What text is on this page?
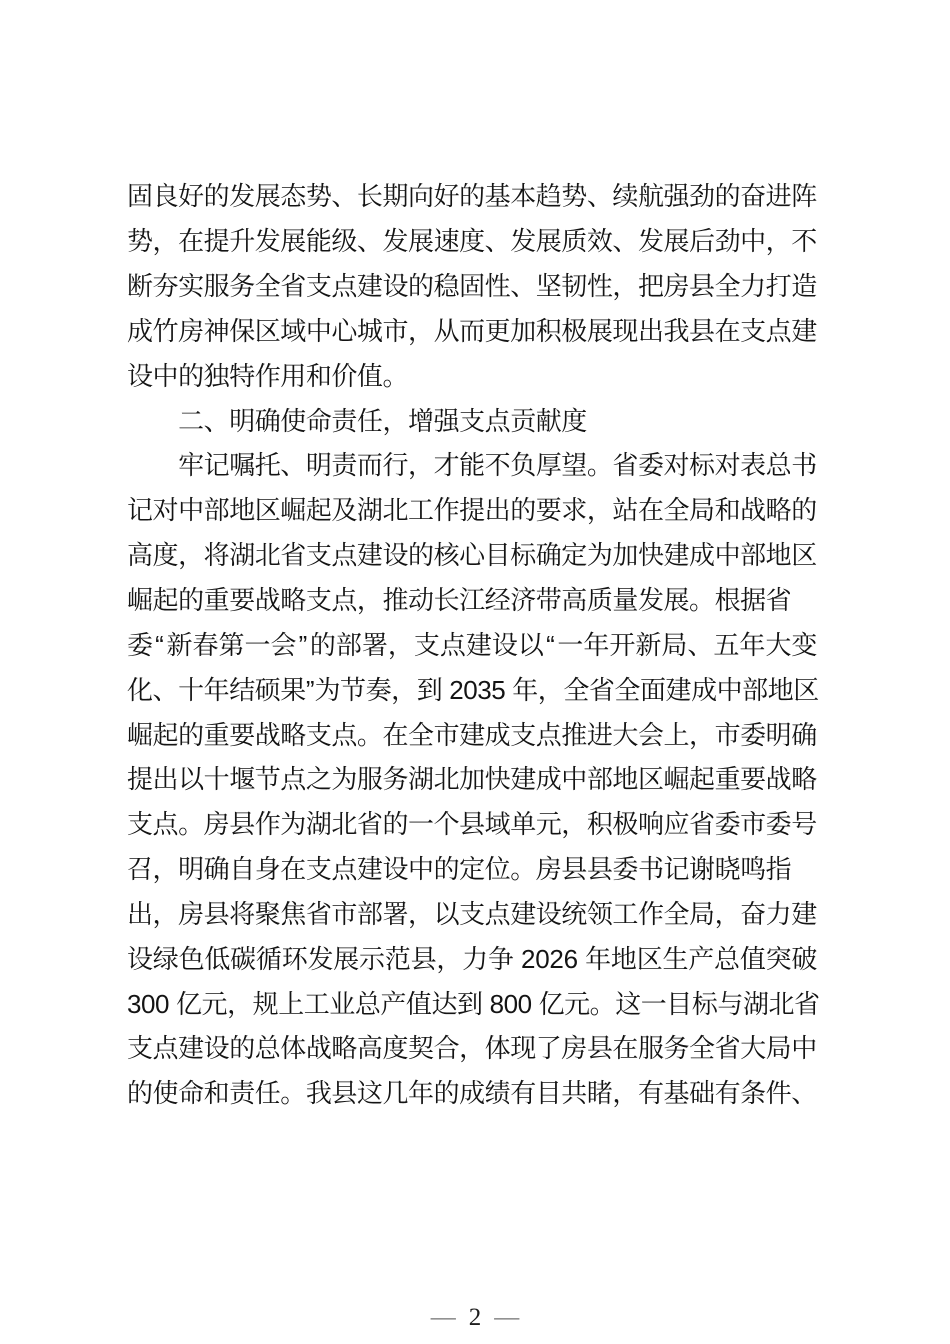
固 良 好 的 发 展 态 势 、 长 期 向 好 的 基 本 趋 势 、 续 航 强 劲 的 奋 进 阵
势 ， 在 提 升 发 展 能 级 、 发 展 速 度 、 发 展 质 效 、 发 展 后 劲 中 ， 不
断 夯 实 服 务 全 省 支 点 建 设 的 稳 固 性 、 坚 韧 性 ， 把 房 县 全 力 打 造
成 竹 房 神 保 区 域 中 心 城 市 ， 从 而 更 加 积 极 展 现 出 我 县 在 支 点 建
设 中 的 独 特 作 用 和 价 值 。
二 、 明 确 使 命 责 任 ， 增 强 支 点 贡 献 度
牢 记 嘱 托 、 明 责 而 行 ， 才 能 不 负 厚 望 。 省 委 对 标 对 表 总 书
记 对 中 部 地 区 崛 起 及 湖 北 工 作 提 出 的 要 求 ， 站 在 全 局 和 战 略 的
高 度 ， 将 湖 北 省 支 点 建 设 的 核 心 目 标 确 定 为 加 快 建 成 中 部 地 区
崛 起 的 重 要 战 略 支 点 ， 推 动 长 江 经 济 带 高 质 量 发 展 。 根 据 省
委 “ 新 春 第 一 会 ” 的 部 署 ， 支 点 建 设 以 “ 一 年 开 新 局 、 五 年 大 变
化 、 十 年 结 硕 果 ” 为 节 奏 ， 到
2 0 3 5
年 ， 全 省 全 面 建 成 中 部 地 区
崛 起 的 重 要 战 略 支 点 。 在 全 市 建 成 支 点 推 进 大 会 上 ， 市 委 明 确
提 出 以 十 堰 节 点 之 为 服 务 湖 北 加 快 建 成 中 部 地 区 崛 起 重 要 战 略
支 点 。 房 县 作 为 湖 北 省 的 一 个 县 域 单 元 ， 积 极 响 应 省 委 市 委 号
召 ， 明 确 自 身 在 支 点 建 设 中 的 定 位 。 房 县 县 委 书 记 谢 晓 鸣 指
出 ， 房 县 将 聚 焦 省 市 部 署 ， 以 支 点 建 设 统 领 工 作 全 局 ， 奋 力 建
设 绿 色 低 碳 循 环 发 展 示 范 县 ， 力 争
2 0 2 6
年 地 区 生 产 总 值 突 破
3 0 0
亿 元 ， 规 上 工 业 总 产 值 达 到
8 0 0
亿 元 。 这 一 目 标 与 湖 北 省
支 点 建 设 的 总 体 战 略 高 度 契 合 ， 体 现 了 房 县 在 服 务 全 省 大 局 中
的 使 命 和 责 任 。 我 县 这 几 年 的 成 绩 有 目 共 睹 ， 有 基 础 有 条 件 、
— 2 —
